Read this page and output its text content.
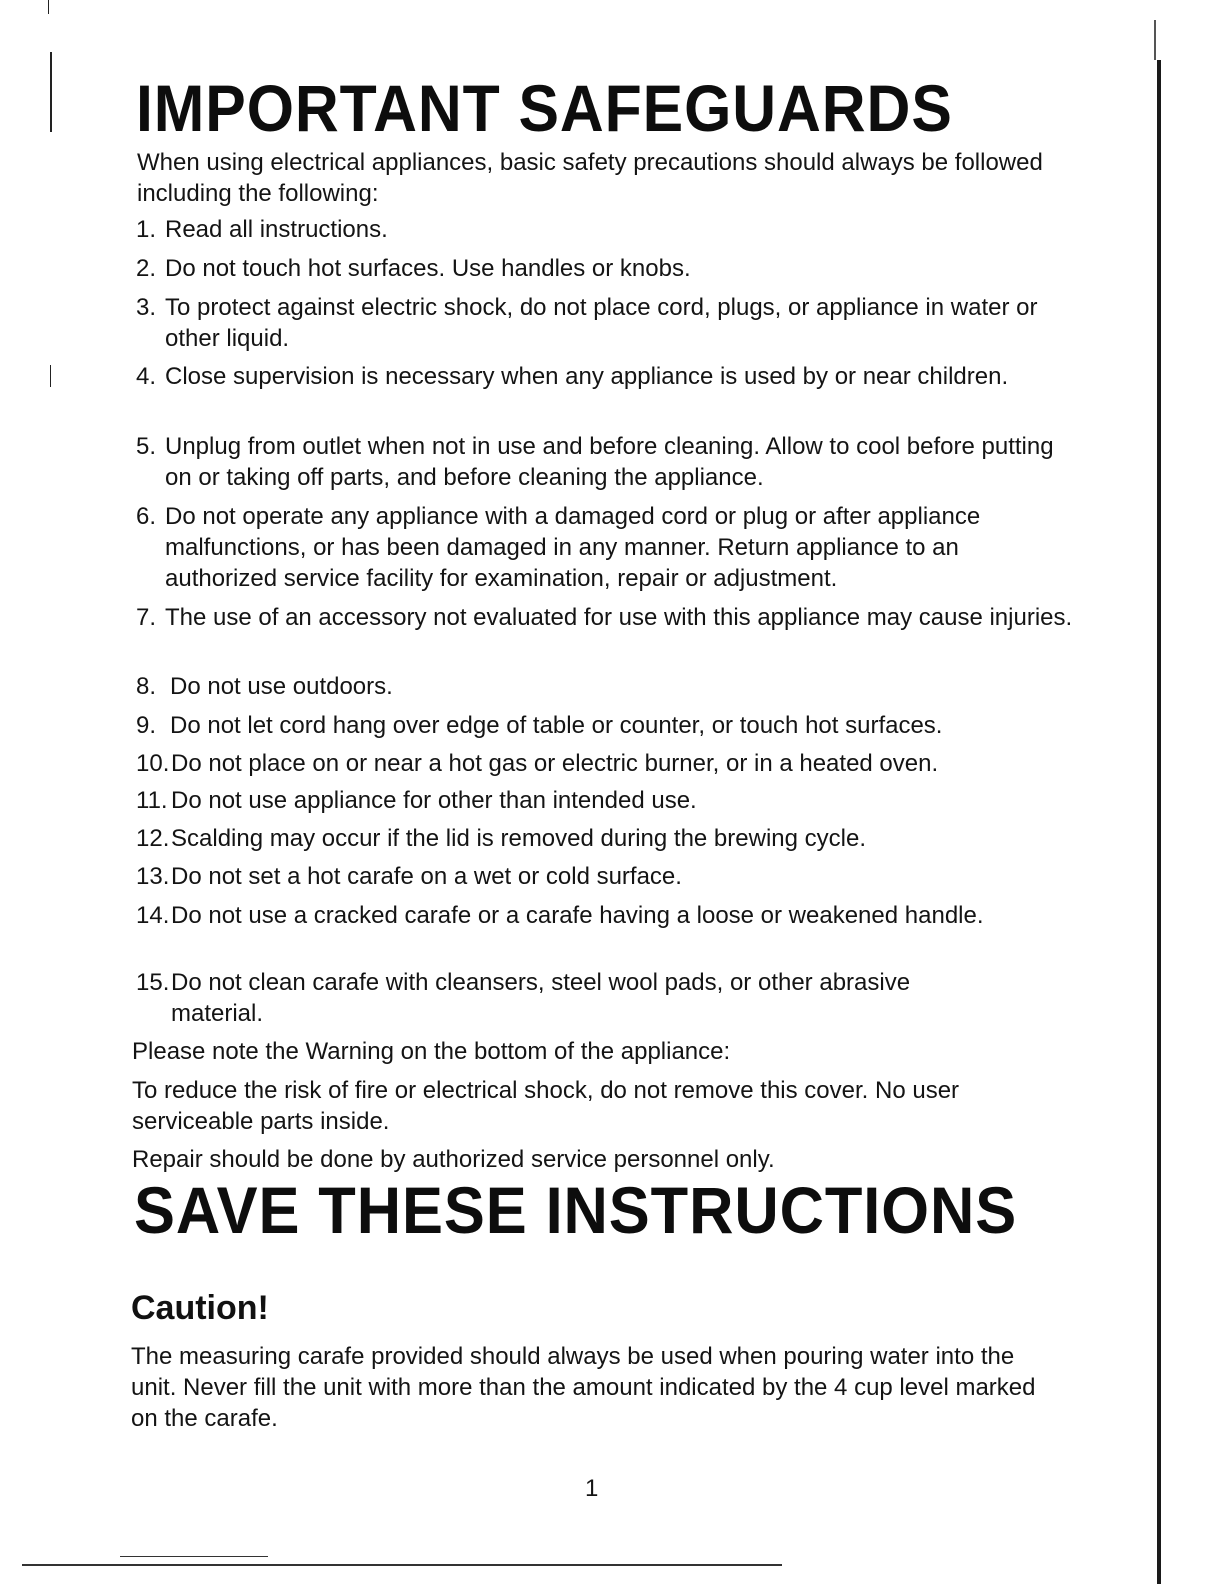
IMPORTANT SAFEGUARDS

When using electrical appliances, basic safety precautions should always be followed including the following:

1. Read all instructions.
2. Do not touch hot surfaces. Use handles or knobs.
3. To protect against electric shock, do not place cord, plugs, or appliance in water or other liquid.
4. Close supervision is necessary when any appliance is used by or near children.
5. Unplug from outlet when not in use and before cleaning. Allow to cool before putting on or taking off parts, and before cleaning the appliance.
6. Do not operate any appliance with a damaged cord or plug or after appliance malfunctions, or has been damaged in any manner. Return appliance to an authorized service facility for examination, repair or adjustment.
7. The use of an accessory not evaluated for use with this appliance may cause injuries.
8. Do not use outdoors.
9. Do not let cord hang over edge of table or counter, or touch hot surfaces.
10. Do not place on or near a hot gas or electric burner, or in a heated oven.
11. Do not use appliance for other than intended use.
12. Scalding may occur if the lid is removed during the brewing cycle.
13. Do not set a hot carafe on a wet or cold surface.
14. Do not use a cracked carafe or a carafe having a loose or weakened handle.
15. Do not clean carafe with cleansers, steel wool pads, or other abrasive material.

Please note the Warning on the bottom of the appliance:

To reduce the risk of fire or electrical shock, do not remove this cover. No user serviceable parts inside.

Repair should be done by authorized service personnel only.

SAVE THESE INSTRUCTIONS
Caution!

The measuring carafe provided should always be used when pouring water into the unit. Never fill the unit with more than the amount indicated by the 4 cup level marked on the carafe.

1
